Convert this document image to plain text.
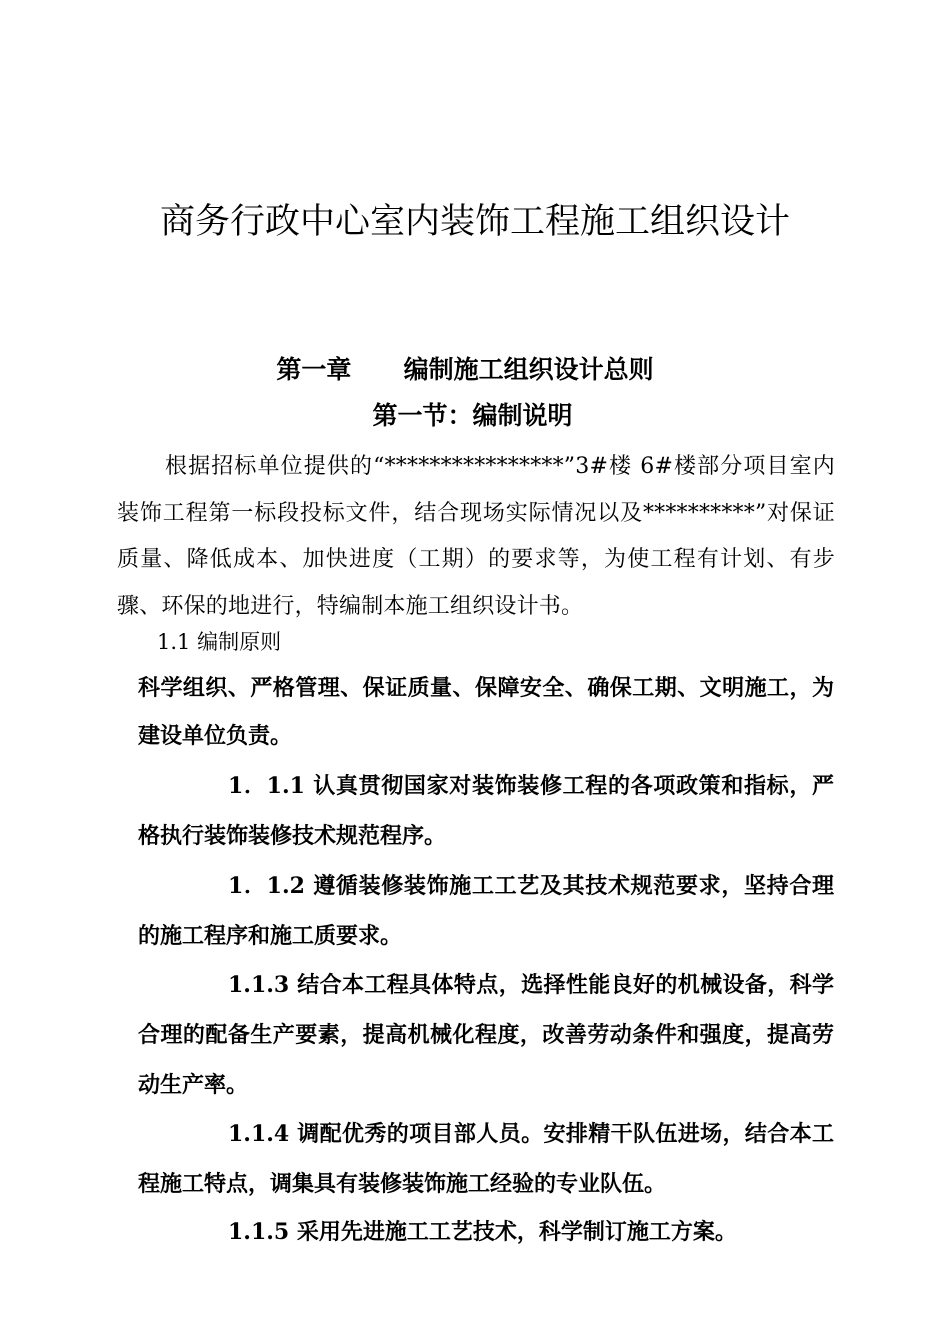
商务行政中心室内装饰工程施工组织设计
第一章      编制施工组织设计总则
第一节：编制说明

根据招标单位提供的“****************”3#楼 6#楼部分项目室内装饰工程第一标段投标文件，结合现场实际情况以及**********”对保证质量、降低成本、加快进度（工期）的要求等，为使工程有计划、有步骤、环保的地进行，特编制本施工组织设计书。

1.1 编制原则

科学组织、严格管理、保证质量、保障安全、确保工期、文明施工，为建设单位负责。

1．1.1 认真贯彻国家对装饰装修工程的各项政策和指标，严格执行装饰装修技术规范程序。

1．1.2 遵循装修装饰施工工艺及其技术规范要求，坚持合理的施工程序和施工质要求。

1.1.3 结合本工程具体特点，选择性能良好的机械设备，科学合理的配备生产要素，提高机械化程度，改善劳动条件和强度，提高劳动生产率。

1.1.4 调配优秀的项目部人员。安排精干队伍进场，结合本工程施工特点，调集具有装修装饰施工经验的专业队伍。

1.1.5 采用先进施工工艺技术，科学制订施工方案。
